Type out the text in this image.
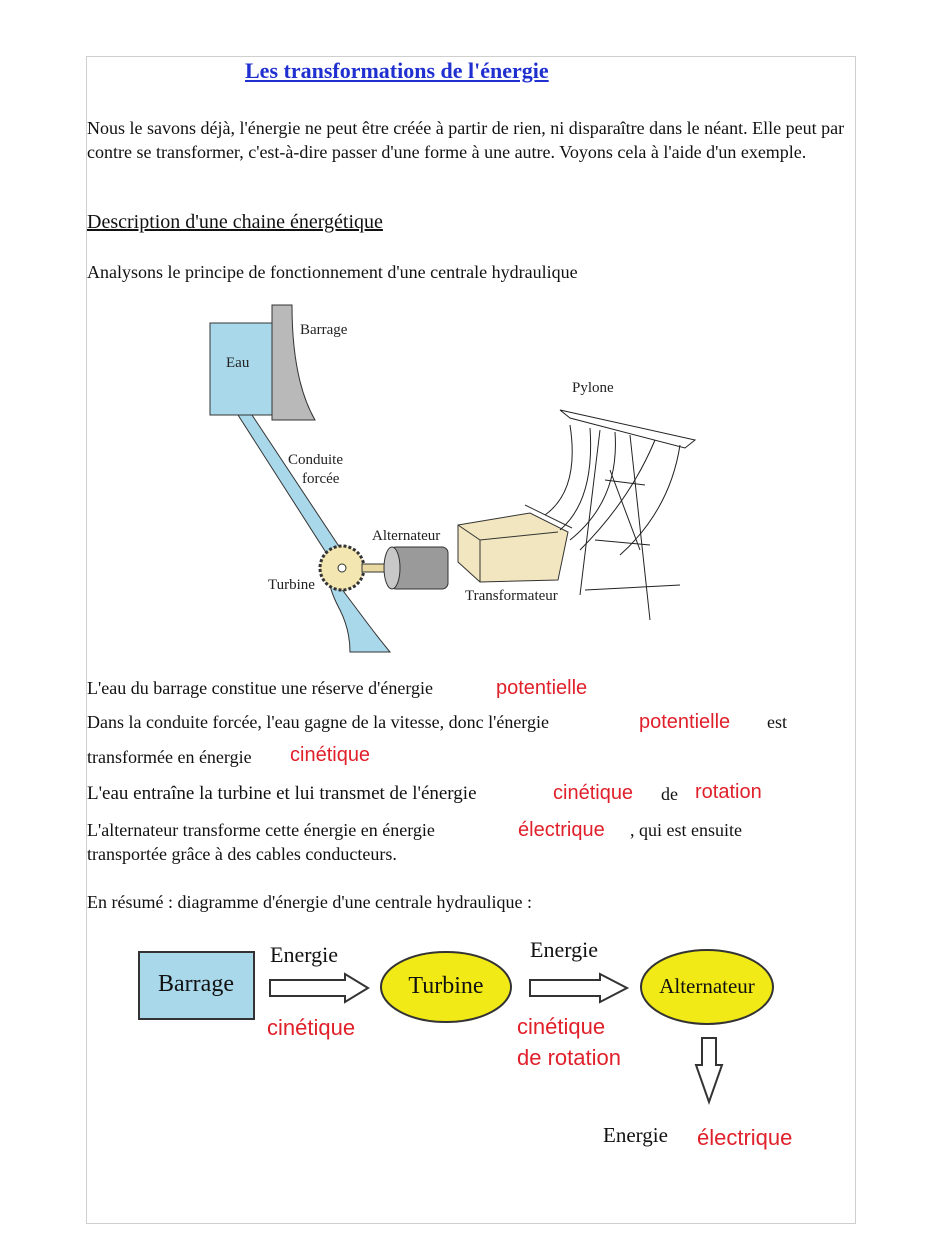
Les transformations de l'énergie
Nous le savons déjà, l'énergie ne peut être créée à partir de rien, ni disparaître dans le néant. Elle peut par contre se transformer, c'est-à-dire passer d'une forme à une autre. Voyons cela à l'aide d'un exemple.
Description d'une chaine énergétique
Analysons le principe de fonctionnement d'une centrale hydraulique
Barrage
Eau
Conduite
forcée
Turbine
Alternateur
Transformateur
Pylone
L'eau du barrage constitue une réserve d'énergie	potentielle
Dans la conduite forcée, l'eau gagne de la vitesse, donc l'énergie	potentielle est
transformée en énergie cinétique
L'eau entraîne la turbine et lui transmet de l'énergie	cinétique de rotation
L'alternateur transforme cette énergie en énergie	électrique , qui est ensuite
transportée grâce à des cables conducteurs.
En résumé : diagramme d'énergie d'une centrale hydraulique :
Barrage
Energie
cinétique
Turbine
Energie
cinétique
de rotation
Alternateur
Energie électrique
